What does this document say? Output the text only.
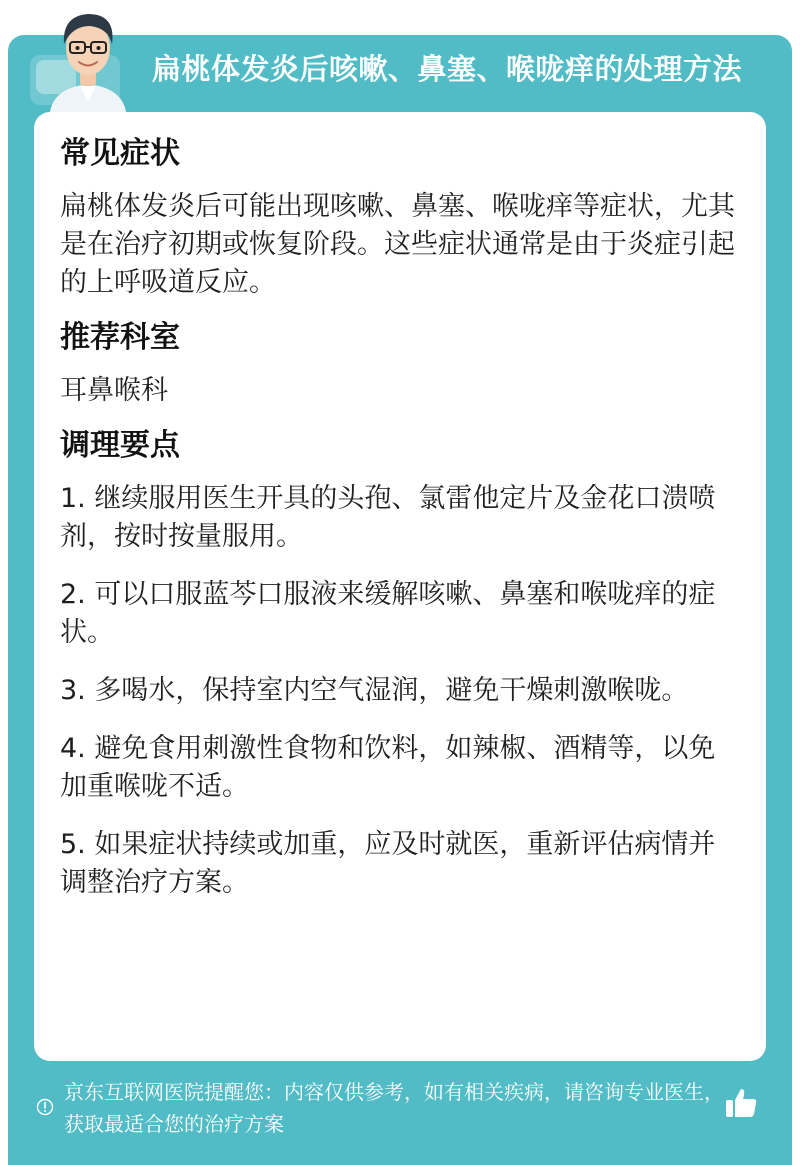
扁桃体发炎后咳嗽、鼻塞、喉咙痒的处理方法
常见症状
扁桃体发炎后可能出现咳嗽、鼻塞、喉咙痒等症状，尤其是在治疗初期或恢复阶段。这些症状通常是由于炎症引起的上呼吸道反应。
推荐科室
耳鼻喉科
调理要点
1. 继续服用医生开具的头孢、氯雷他定片及金花口溃喷剂，按时按量服用。
2. 可以口服蓝芩口服液来缓解咳嗽、鼻塞和喉咙痒的症状。
3. 多喝水，保持室内空气湿润，避免干燥刺激喉咙。
4. 避免食用刺激性食物和饮料，如辣椒、酒精等，以免加重喉咙不适。
5. 如果症状持续或加重，应及时就医，重新评估病情并调整治疗方案。
京东互联网医院提醒您：内容仅供参考，如有相关疾病，请咨询专业医生，获取最适合您的治疗方案
